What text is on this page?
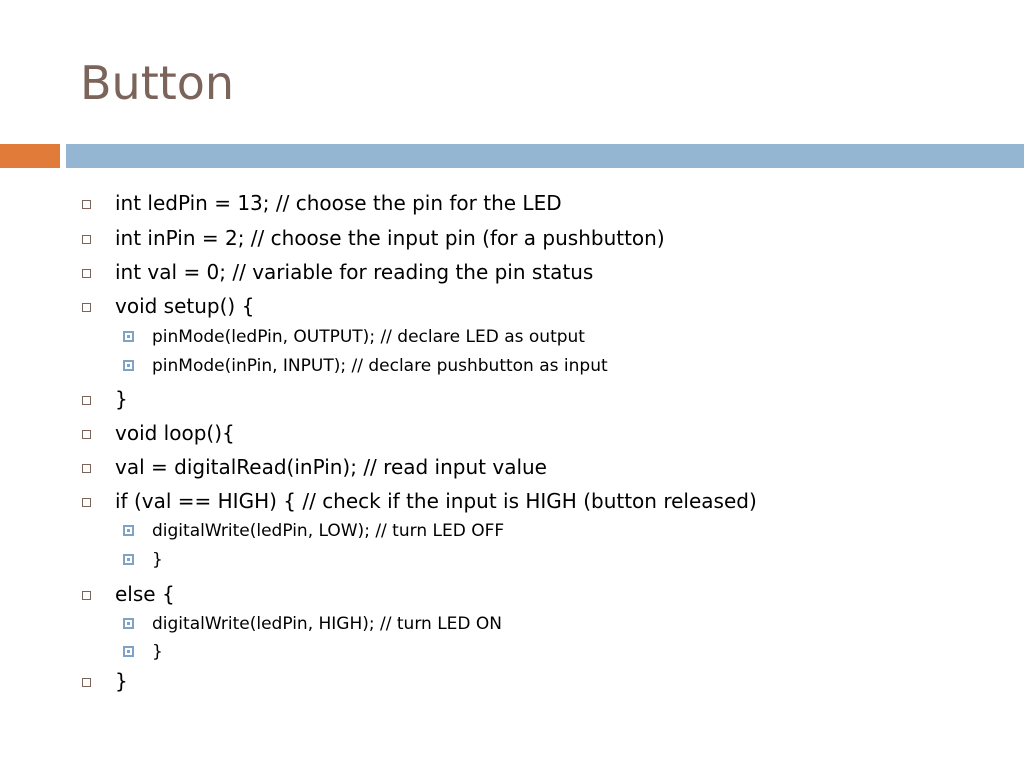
Button
int ledPin = 13; // choose the pin for the LED
int inPin = 2; // choose the input pin (for a pushbutton)
int val = 0; // variable for reading the pin status
void setup() {
pinMode(ledPin, OUTPUT); // declare LED as output
pinMode(inPin, INPUT); // declare pushbutton as input
}
void loop(){
val = digitalRead(inPin); // read input value
if (val == HIGH) { // check if the input is HIGH (button released)
digitalWrite(ledPin, LOW); // turn LED OFF
}
else {
digitalWrite(ledPin, HIGH); // turn LED ON
}
}
